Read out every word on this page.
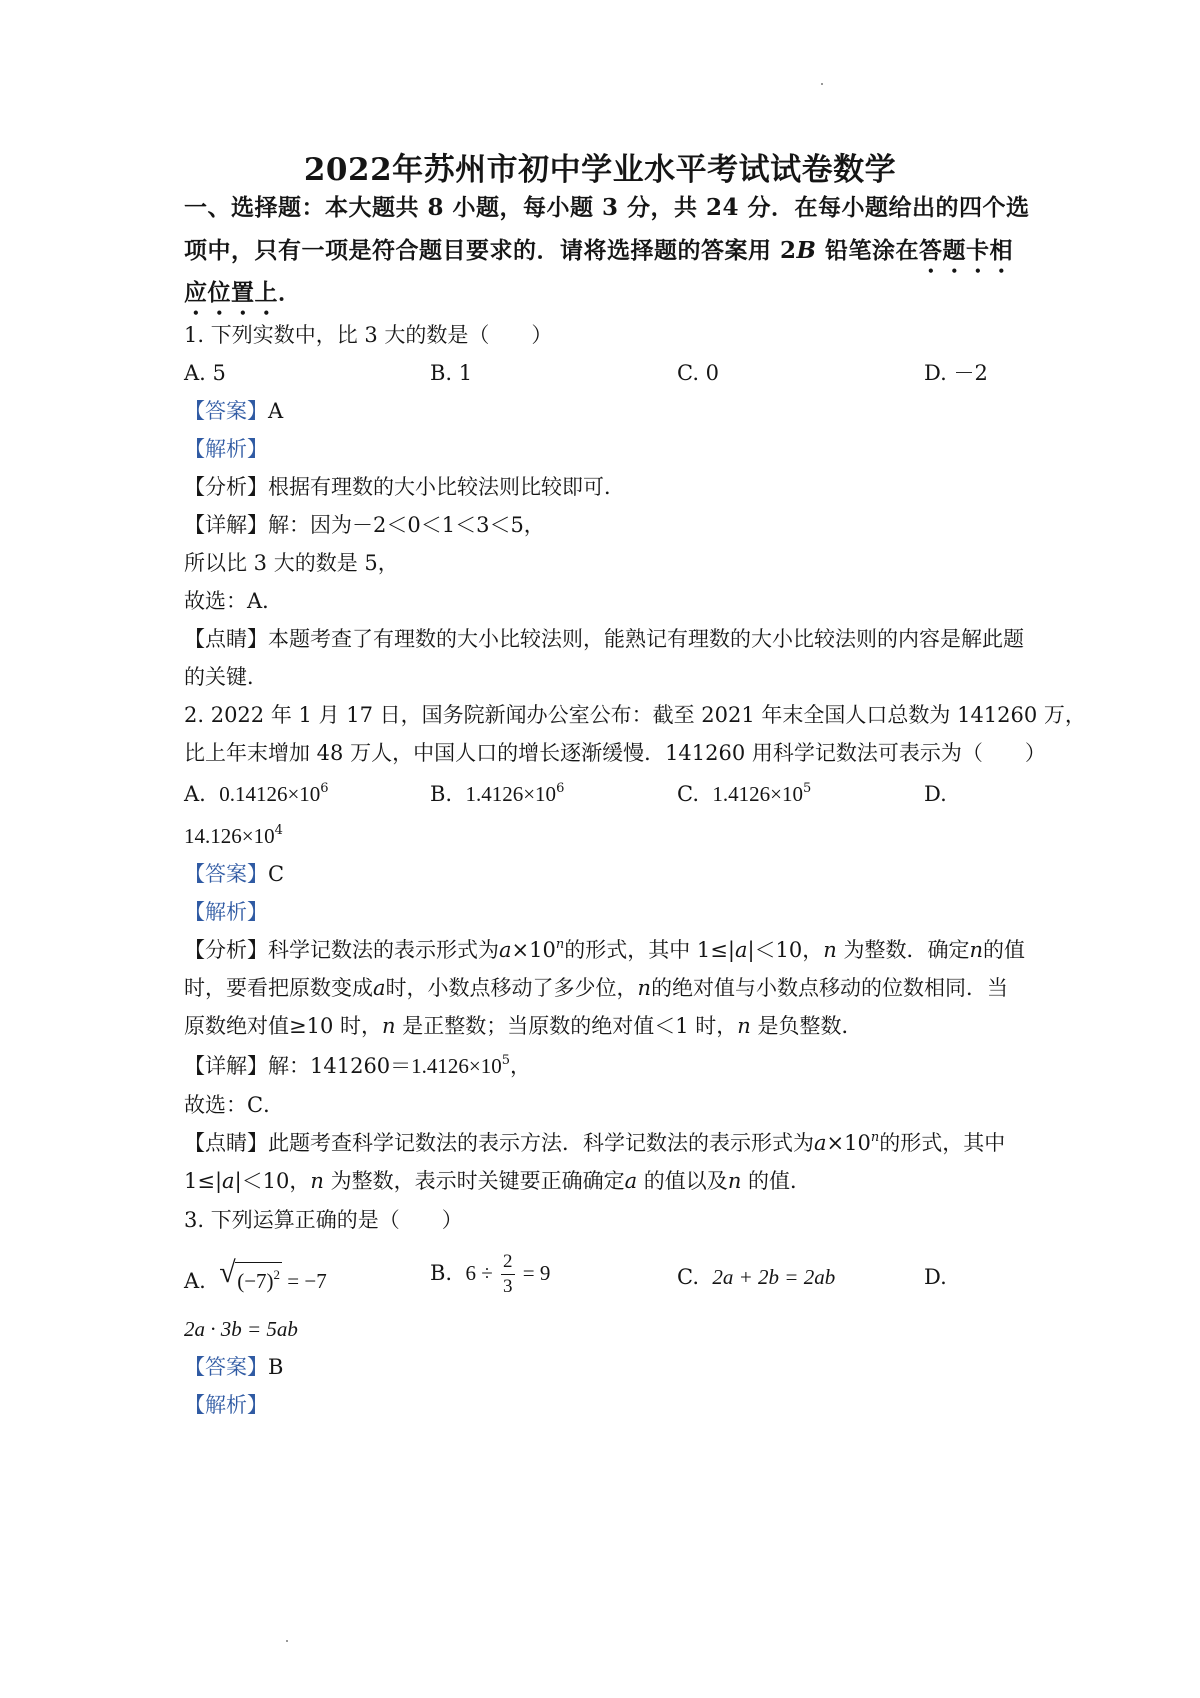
2022年苏州市初中学业水平考试试卷数学
一、选择题：本大题共 8 小题，每小题 3 分，共 24 分．在每小题给出的四个选
项中，只有一项是符合题目要求的．请将选择题的答案用 2B 铅笔涂在答题卡相
应位置上．
1. 下列实数中，比 3 大的数是（　　）
A. 5	B. 1	C. 0	D. －2
【答案】A
【解析】
【分析】根据有理数的大小比较法则比较即可．
【详解】解：因为－2＜0＜1＜3＜5，
所以比 3 大的数是 5，
故选：A．
【点睛】本题考查了有理数的大小比较法则，能熟记有理数的大小比较法则的内容是解此题
的关键．
2. 2022 年 1 月 17 日，国务院新闻办公室公布：截至 2021 年末全国人口总数为 141260 万，
比上年末增加 48 万人，中国人口的增长逐渐缓慢．141260 用科学记数法可表示为（　　）
A. $0.14126\times 10^6$	B. $1.4126\times 10^6$	C. $1.4126\times 10^5$	D.
$14.126\times 10^4$
【答案】C
【解析】
【分析】科学记数法的表示形式为$a\times 10^n$的形式，其中 1≤|a|＜10，n 为整数．确定n的值
时，要看把原数变成a时，小数点移动了多少位，n的绝对值与小数点移动的位数相同．当
原数绝对值≥10 时，n 是正整数；当原数的绝对值＜1 时，n 是负整数．
【详解】解：$141260=1.4126\times 10^5$，
故选：C．
【点睛】此题考查科学记数法的表示方法．科学记数法的表示形式为$a\times 10^n$的形式，其中
1≤|a|＜10，n 为整数，表示时关键要正确确定a 的值以及n 的值．
3. 下列运算正确的是（　　）
A. √ $(-7)^2 = -7$	B. $6 \div \frac{2}{3} = 9$	C. 2a + 2b = 2ab	D.
2a · 3b = 5ab
【答案】B
【解析】
